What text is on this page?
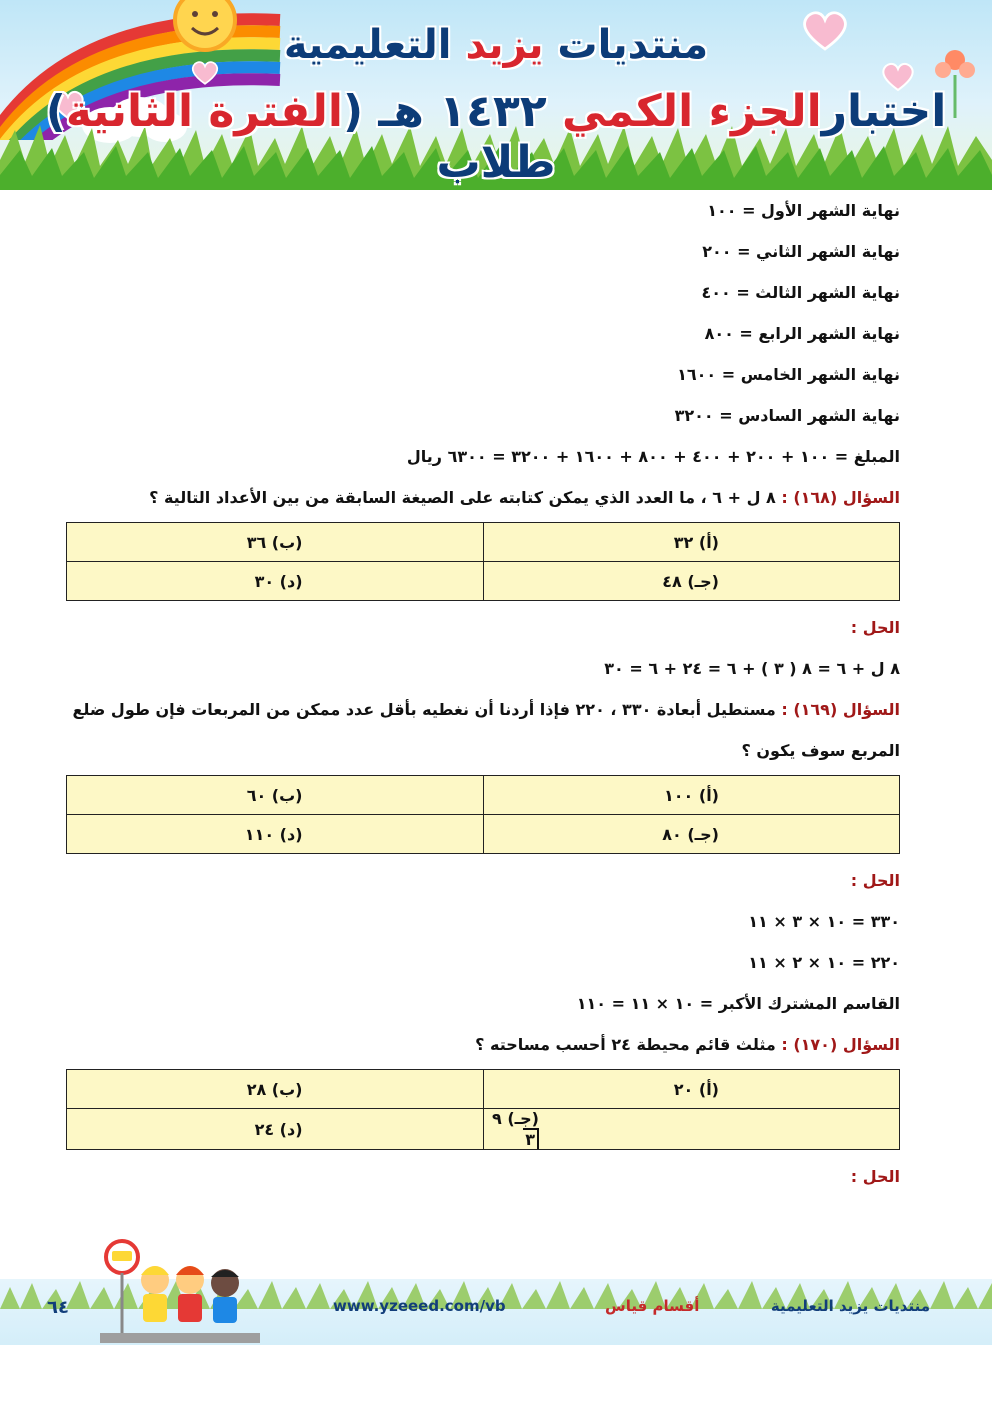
منتديات يزيد التعليمية
اختبارالجزء الكمي ١٤٣٢ هـ (الفترة الثانية) طلاب
نهاية الشهر الأول = ١٠٠
نهاية الشهر الثاني = ٢٠٠
نهاية الشهر الثالث = ٤٠٠
نهاية الشهر الرابع = ٨٠٠
نهاية الشهر الخامس = ١٦٠٠
نهاية الشهر السادس = ٣٢٠٠
المبلغ = ١٠٠ + ٢٠٠ + ٤٠٠ + ٨٠٠ + ١٦٠٠ + ٣٢٠٠ = ٦٣٠٠ ريال
السؤال (١٦٨) : ٨ ل + ٦ ، ما العدد الذي يمكن كتابته على الصيغة السابقة من بين الأعداد التالية ؟
(أ) ٣٢	(ب) ٣٦
(جـ) ٤٨	(د) ٣٠
الحل :
٨ ل + ٦ = ٨ ( ٣ ) + ٦ = ٢٤ + ٦ = ٣٠
السؤال (١٦٩) : مستطيل أبعادة ٣٣٠ ، ٢٢٠ فإذا أردنا أن نغطيه بأقل عدد ممكن من المربعات فإن طول ضلع المربع سوف يكون ؟
(أ) ١٠٠	(ب) ٦٠
(جـ) ٨٠	(د) ١١٠
الحل :
٣٣٠ = ١٠ × ٣ × ١١
٢٢٠ = ١٠ × ٢ × ١١
القاسم المشترك الأكبر = ١٠ × ١١ = ١١٠
السؤال (١٧٠) : مثلث قائم محيطة ٢٤ أحسب مساحته ؟
(أ) ٢٠	(ب) ٢٨
(جـ) ٩ ٣	(د) ٢٤
الحل :
منتديات يزيد التعليمية
أقسام قياس
www.yzeeed.com/vb
٦٤
